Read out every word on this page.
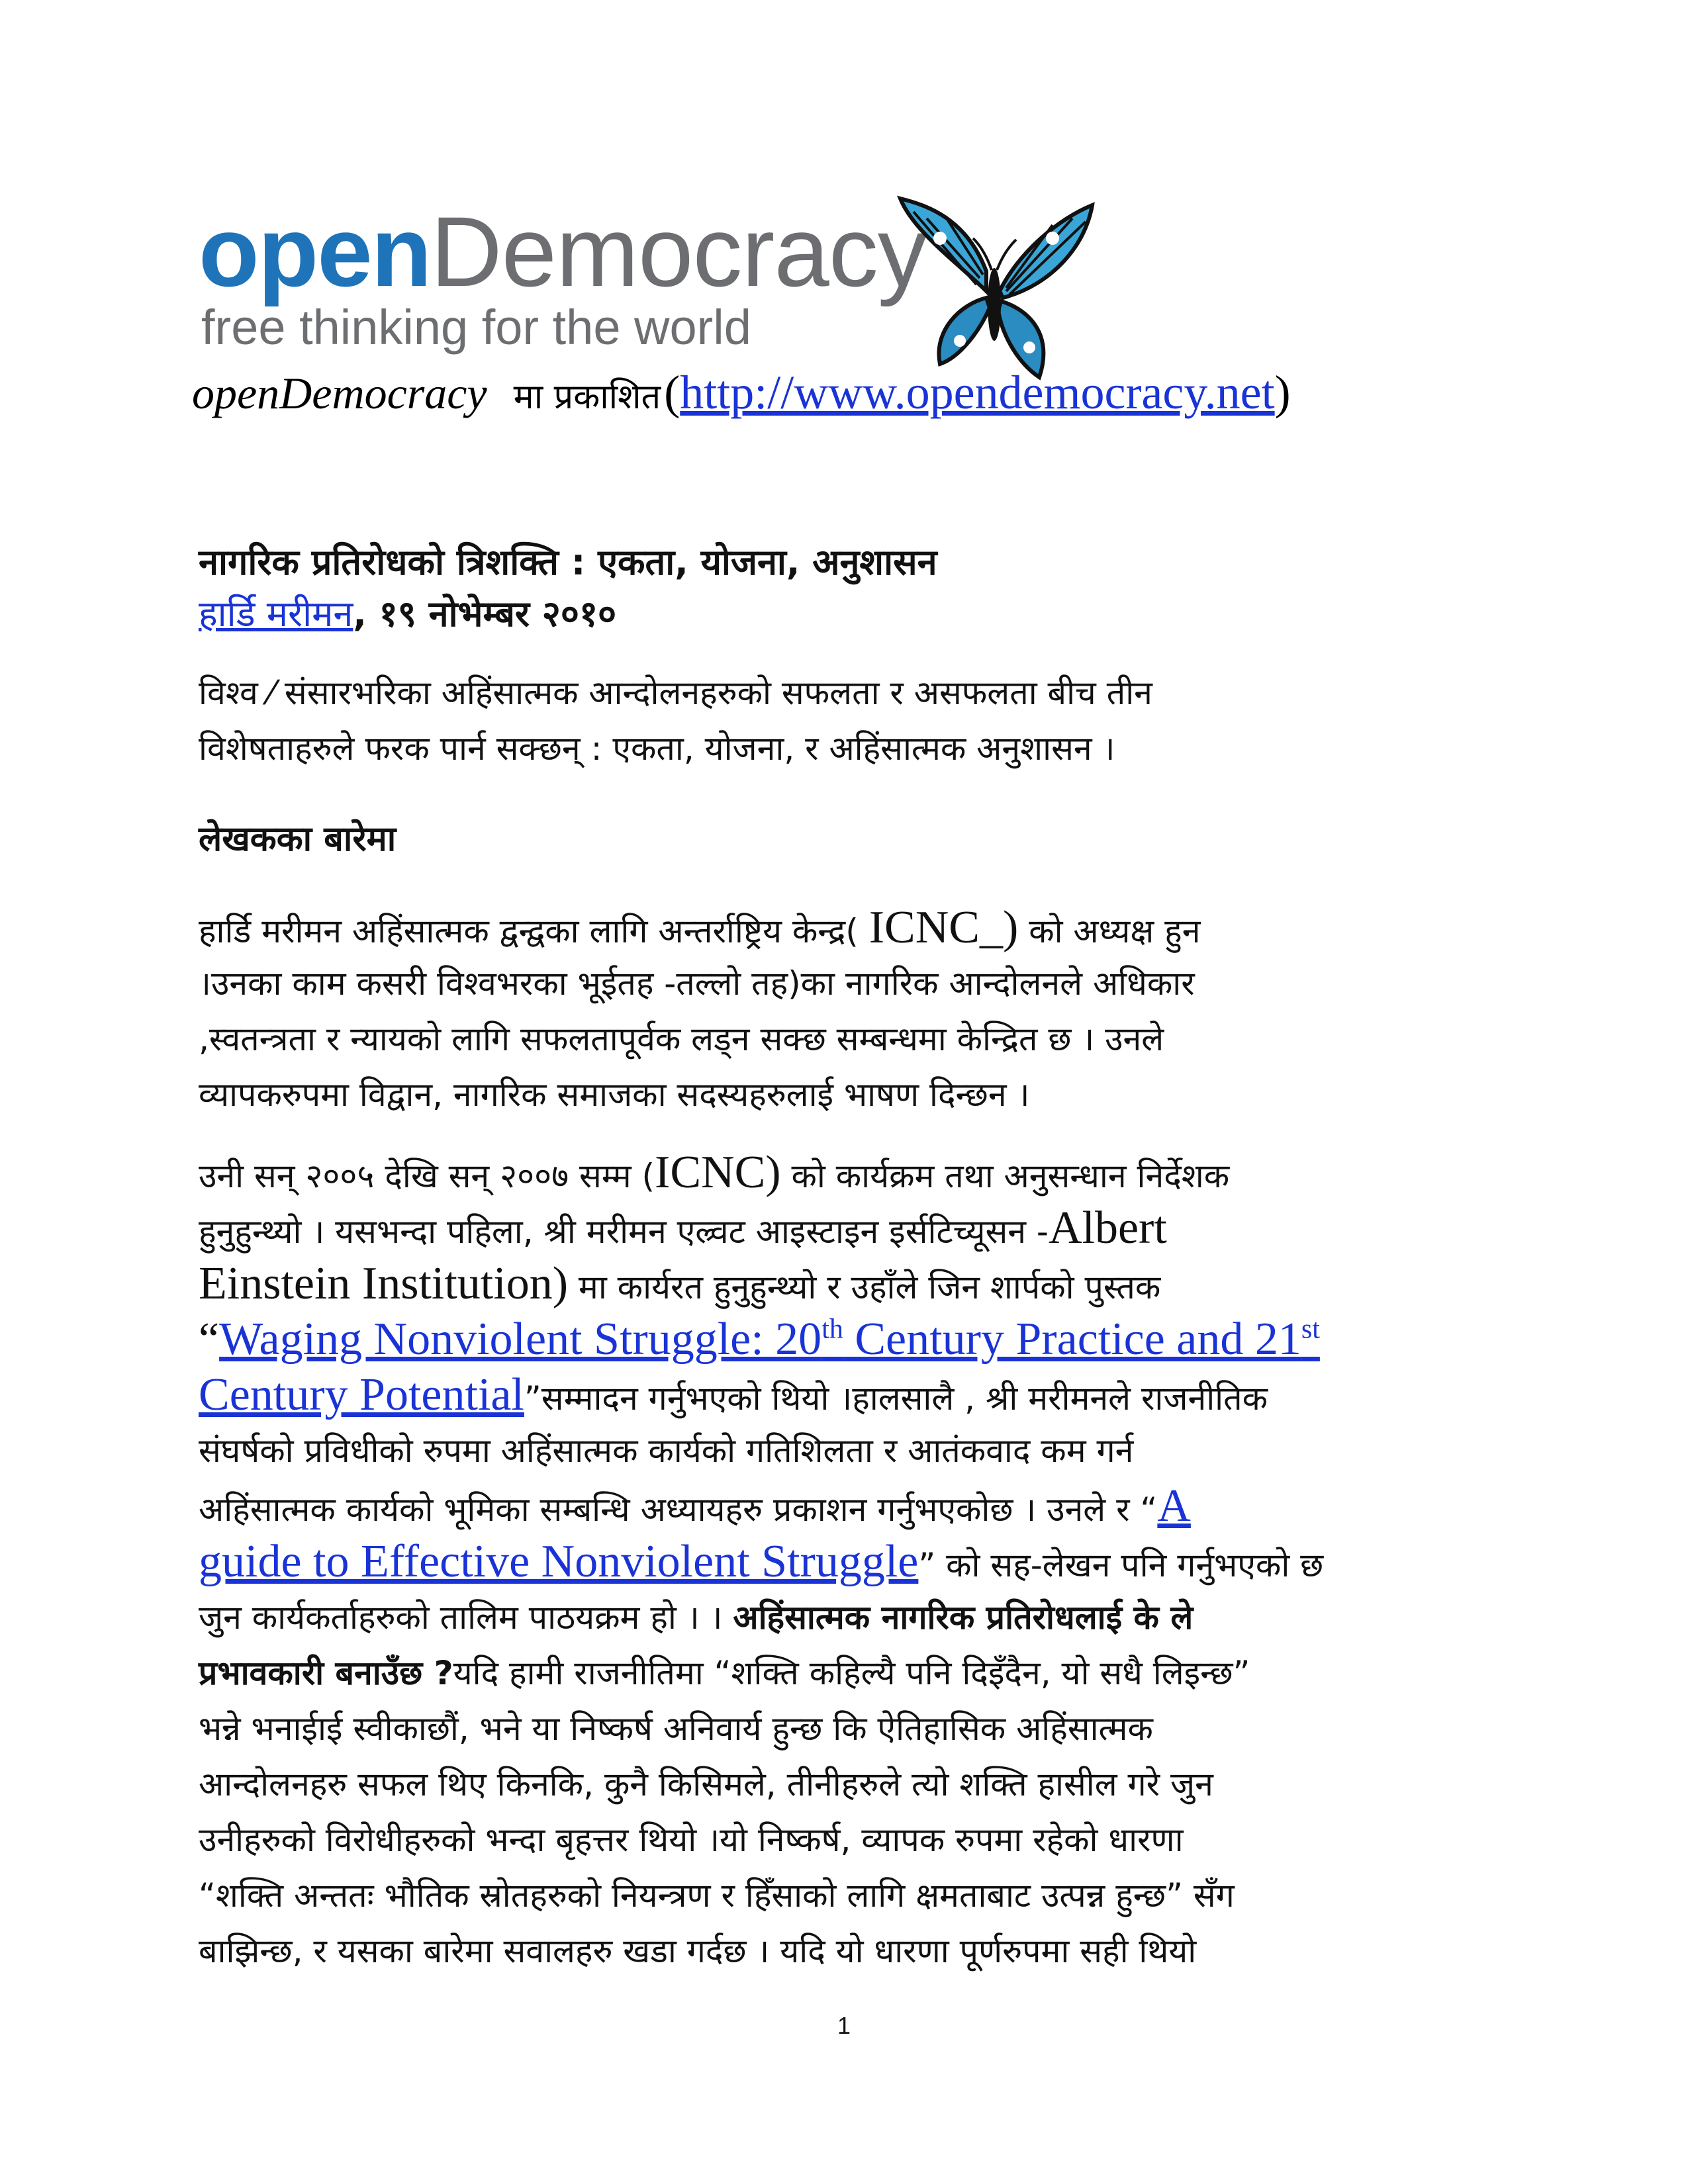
openDemocracy
free thinking for the world
openDemocracy मा प्रकाशित (http://www.opendemocracy.net)
नागरिक प्रतिरोधको त्रिशक्ति : एकता, योजना, अनुशासन
हार्डि मरीमन, १९ नोभेम्बर २०१०
विश्व ⁄ संसारभरिका अहिंसात्मक आन्दोलनहरुको सफलता र असफलता बीच तीन
विशेषताहरुले फरक पार्न सक्छन् : एकता, योजना, र अहिंसात्मक अनुशासन ।
लेखकका बारेमा
हार्डि मरीमन अहिंसात्मक द्वन्द्वका लागि अन्तर्राष्ट्रिय केन्द्र( ICNC_) को अध्यक्ष हुन
।उनका काम कसरी विश्वभरका भूईतह -तल्लो तह)का नागरिक आन्दोलनले अधिकार
,स्वतन्त्रता र न्यायको लागि सफलतापूर्वक लड्न सक्छ सम्बन्धमा केन्द्रित छ । उनले
व्यापकरुपमा विद्वान, नागरिक समाजका सदस्यहरुलाई भाषण दिन्छन ।
उनी सन् २००५ देखि सन् २००७ सम्म (ICNC) को कार्यक्रम तथा अनुसन्धान निर्देशक
हुनुहुन्थ्यो । यसभन्दा पहिला, श्री मरीमन एल्र्वट आइस्टाइन इर्सटिच्यूसन -Albert
Einstein Institution) मा कार्यरत हुनुहुन्थ्यो र उहाँले जिन शार्पको पुस्तक
“Waging Nonviolent Struggle: 20th Century Practice and 21st
Century Potential”सम्मादन गर्नुभएको थियो ।हालसालै , श्री मरीमनले राजनीतिक
संघर्षको प्रविधीको रुपमा अहिंसात्मक कार्यको गतिशिलता र आतंकवाद कम गर्न
अहिंसात्मक कार्यको भूमिका सम्बन्धि अध्यायहरु प्रकाशन गर्नुभएकोछ । उनले र “A
guide to Effective Nonviolent Struggle” को सह-लेखन पनि गर्नुभएको छ
जुन कार्यकर्ताहरुको तालिम पाठयक्रम हो । । अहिंसात्मक नागरिक प्रतिरोधलाई के ले
प्रभावकारी बनाउँछ ?यदि हामी राजनीतिमा “शक्ति कहिल्यै पनि दिइँदैन, यो सधै लिइन्छ”
भन्ने भनाईाई स्वीकाछौं, भने या निष्कर्ष अनिवार्य हुन्छ कि ऐतिहासिक अहिंसात्मक
आन्दोलनहरु सफल थिए किनकि, कुनै किसिमले, तीनीहरुले त्यो शक्ति हासील गरे जुन
उनीहरुको विरोधीहरुको भन्दा बृहत्तर थियो ।यो निष्कर्ष, व्यापक रुपमा रहेको धारणा
“शक्ति अन्ततः भौतिक स्रोतहरुको नियन्त्रण र हिँसाको लागि क्षमताबाट उत्पन्न हुन्छ” सँग
बाझिन्छ, र यसका बारेमा सवालहरु खडा गर्दछ । यदि यो धारणा पूर्णरुपमा सही थियो
1
